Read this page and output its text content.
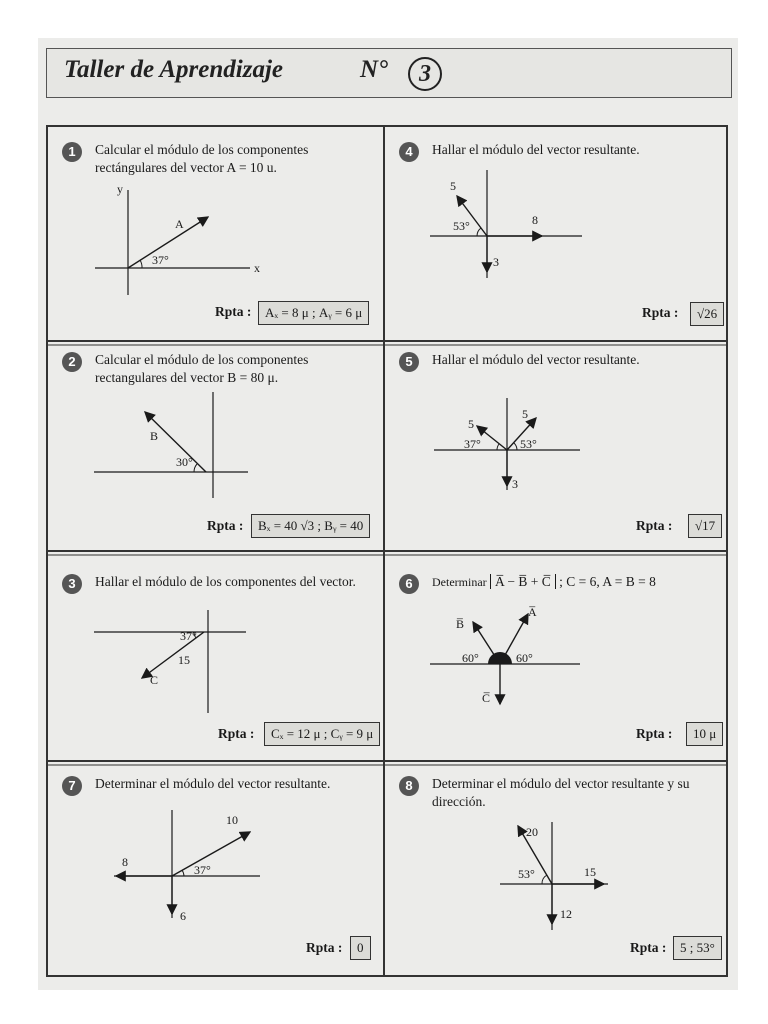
Taller de Aprendizaje	N°	3
1	Calcular el módulo de los componentes rectángulares del vector A = 10 u.
y
x
A
37°
Rpta :	Aₓ = 8 μ ; Aᵧ = 6 μ
4	Hallar el módulo del vector resultante.
5
53°	8
3
Rpta :	√26
2	Calcular el módulo de los componentes rectangulares del vector B = 80 μ.
B
30°
Rpta :	Bₓ = 40 √3 ; Bᵧ = 40
5	Hallar el módulo del vector resultante.
5
5
37°	53°
3
Rpta :	√17
3	Hallar el módulo de los componentes del vector.
37°
15
C
Rpta :	Cₓ = 12 μ ; Cᵧ = 9 μ
6	Determinar A̅ − B̅ + C̅ ; C = 6, A = B = 8
B̅
A̅
60°	60°
C̅
Rpta :	10 μ
7	Determinar el módulo del vector resultante.
10
8
37°
6
Rpta :	0
8	Determinar el módulo del vector resultante y su dirección.
20
53°	15
12
Rpta :	5 ; 53°
